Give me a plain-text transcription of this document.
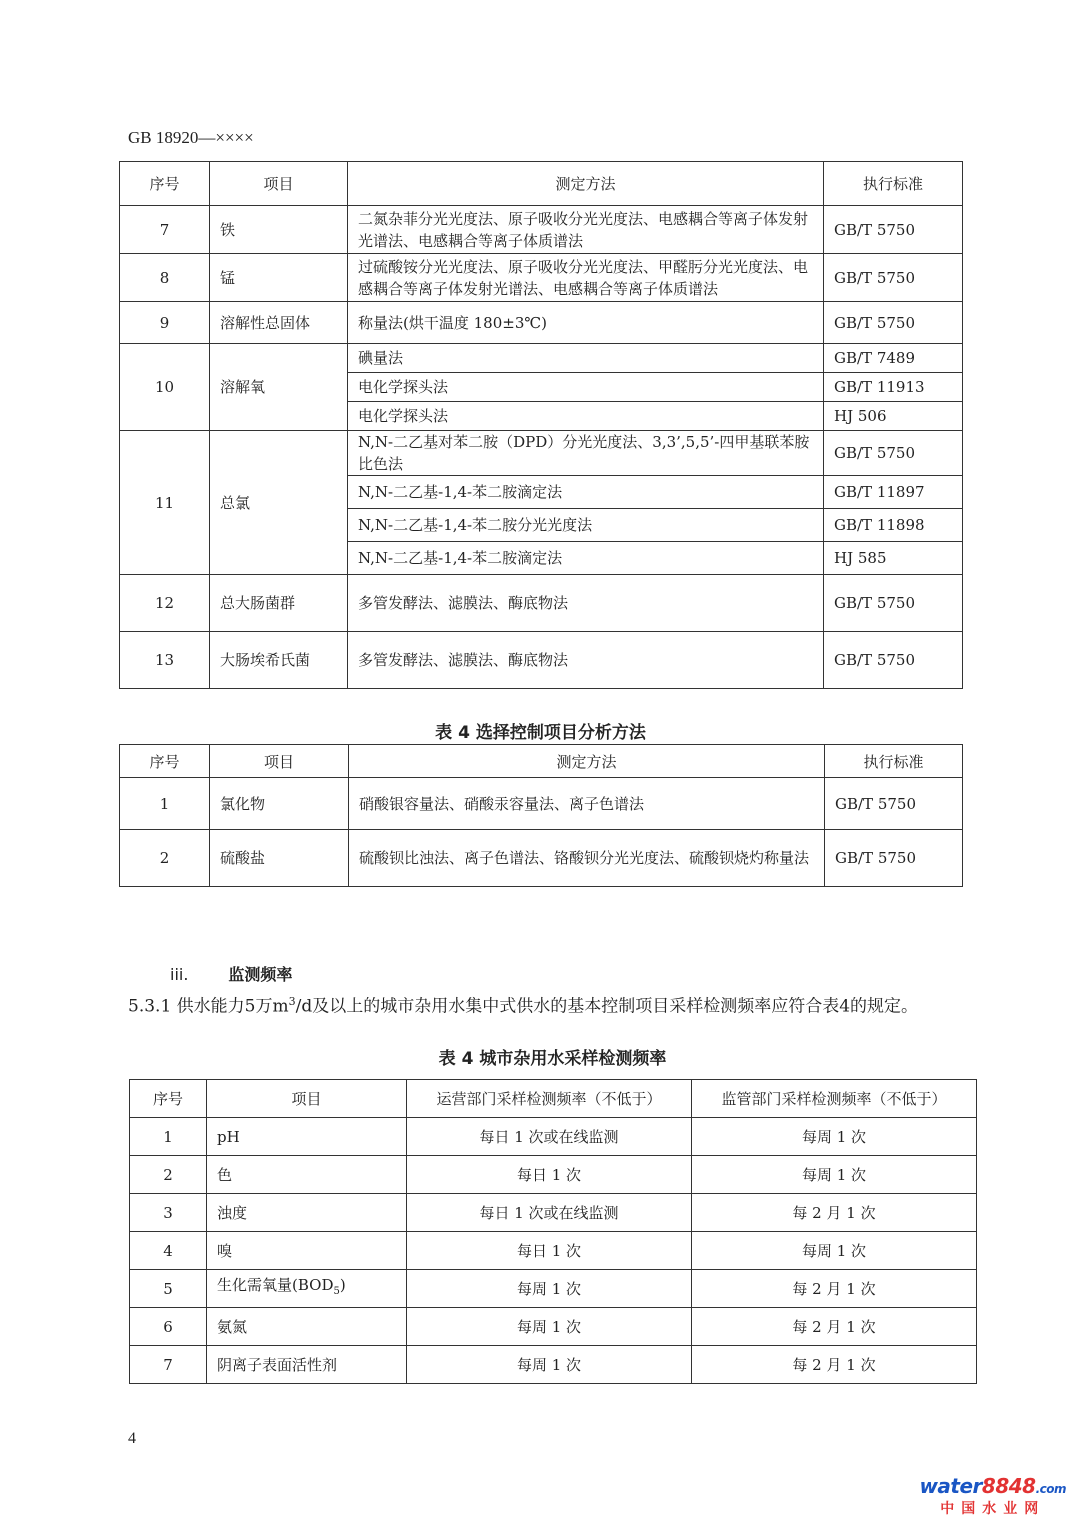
GB 18920—××××
序号	项目	测定方法	执行标准
7	铁	二氮杂菲分光光度法、原子吸收分光光度法、电感耦合等离子体发射光谱法、电感耦合等离子体质谱法	GB/T 5750
8	锰	过硫酸铵分光光度法、原子吸收分光光度法、甲醛肟分光光度法、电感耦合等离子体发射光谱法、电感耦合等离子体质谱法	GB/T 5750
9	溶解性总固体	称量法(烘干温度 180±3℃)	GB/T 5750
10	溶解氧	碘量法	GB/T 7489
		电化学探头法	GB/T 11913
		电化学探头法	HJ 506
11	总氯	N,N-二乙基对苯二胺（DPD）分光光度法、3,3’,5,5’-四甲基联苯胺比色法	GB/T 5750
		N,N-二乙基-1,4-苯二胺滴定法	GB/T 11897
		N,N-二乙基-1,4-苯二胺分光光度法	GB/T 11898
		N,N-二乙基-1,4-苯二胺滴定法	HJ 585
12	总大肠菌群	多管发酵法、滤膜法、酶底物法	GB/T 5750
13	大肠埃希氏菌	多管发酵法、滤膜法、酶底物法	GB/T 5750
表 4 选择控制项目分析方法
序号	项目	测定方法	执行标准
1	氯化物	硝酸银容量法、硝酸汞容量法、离子色谱法	GB/T 5750
2	硫酸盐	硫酸钡比浊法、离子色谱法、铬酸钡分光光度法、硫酸钡烧灼称量法	GB/T 5750
iii.	监测频率
5.3.1 供水能力5万$m^3/d$及以上的城市杂用水集中式供水的基本控制项目采样检测频率应符合表4的规定。
表 4 城市杂用水采样检测频率
序号	项目	运营部门采样检测频率（不低于）	监管部门采样检测频率（不低于）
1	pH	每日 1 次或在线监测	每周 1 次
2	色	每日 1 次	每周 1 次
3	浊度	每日 1 次或在线监测	每 2 月 1 次
4	嗅	每日 1 次	每周 1 次
5	生化需氧量$(BOD_5)$	每周 1 次	每 2 月 1 次
6	氨氮	每周 1 次	每 2 月 1 次
7	阴离子表面活性剂	每周 1 次	每 2 月 1 次
4
water8848.com
中国水业网
